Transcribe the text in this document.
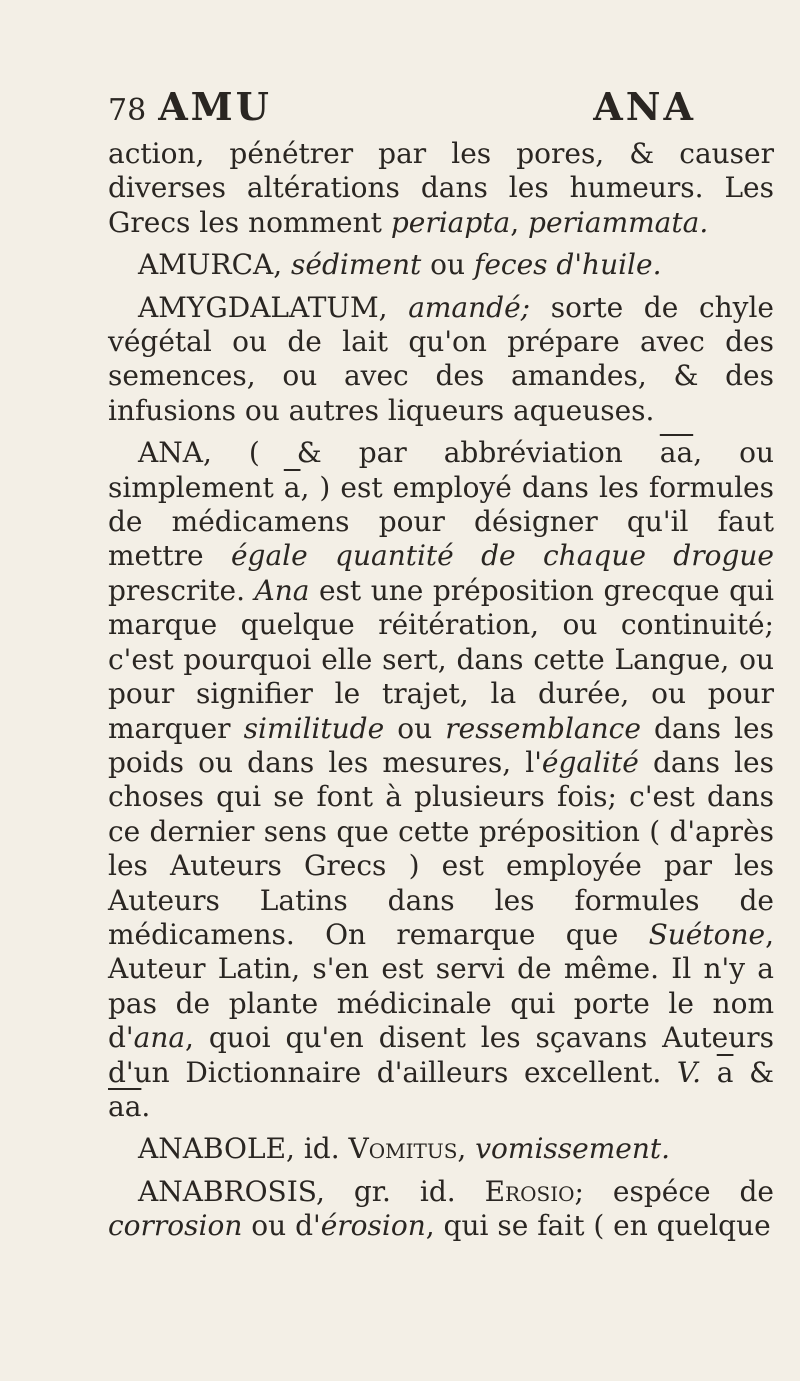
78 AMU	ANA

action, pénétrer par les pores, & causer diverses altérations dans les humeurs. Les Grecs les nomment periapta, periammata.

AMURCA, sédiment ou feces d'huile.

AMYGDALATUM, amandé; sorte de chyle végétal ou de lait qu'on prépare avec des semences, ou avec des amandes, & des infusions ou autres liqueurs aqueuses.

ANA, ( & par abbréviation $\overline{aa}$, ou simplement $\overline{a}$, ) est employé dans les formules de médicamens pour désigner qu'il faut mettre égale quantité de chaque drogue prescrite. Ana est une préposition grecque qui marque quelque réitération, ou continuité; c'est pourquoi elle sert, dans cette Langue, ou pour signifier le trajet, la durée, ou pour marquer similitude ou ressemblance dans les poids ou dans les mesures, l'égalité dans les choses qui se font à plusieurs fois; c'est dans ce dernier sens que cette préposition ( d'après les Auteurs Grecs ) est employée par les Auteurs Latins dans les formules de médicamens. On remarque que Suétone, Auteur Latin, s'en est servi de même. Il n'y a pas de plante médicinale qui porte le nom d'ana, quoi qu'en disent les sçavans Auteurs d'un Dictionnaire d'ailleurs excellent. V. $\overline{a}$ & $\overline{aa}$.

ANABOLE, id. Vomitus, vomissement.

ANABROSIS, gr. id. Erosio; espéce de corrosion ou d'érosion, qui se fait ( en quelque
